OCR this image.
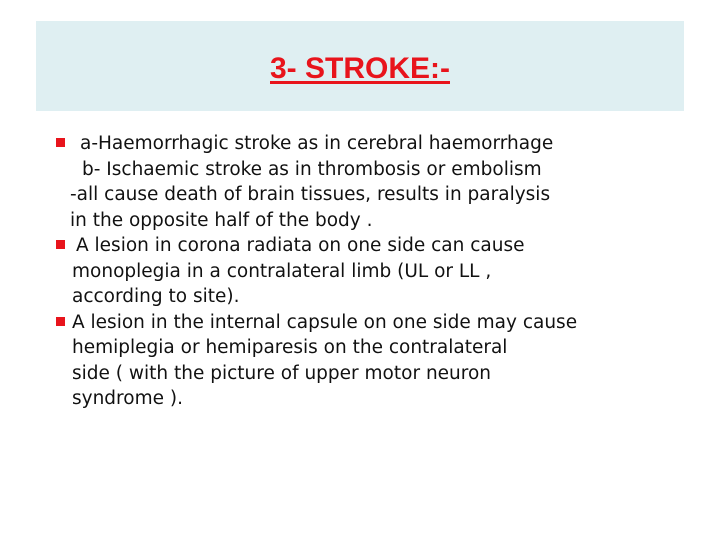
3- STROKE:-
a-Haemorrhagic stroke as in cerebral haemorrhage
b- Ischaemic stroke as in thrombosis or embolism
-all cause death of brain tissues, results in paralysis
in the opposite half of the body .
A lesion in corona radiata on one side can cause
monoplegia in a contralateral limb (UL or LL ,
according to site).
A lesion in the internal capsule on one side may cause
hemiplegia or hemiparesis on the contralateral
side ( with the picture of upper motor neuron
syndrome ).
